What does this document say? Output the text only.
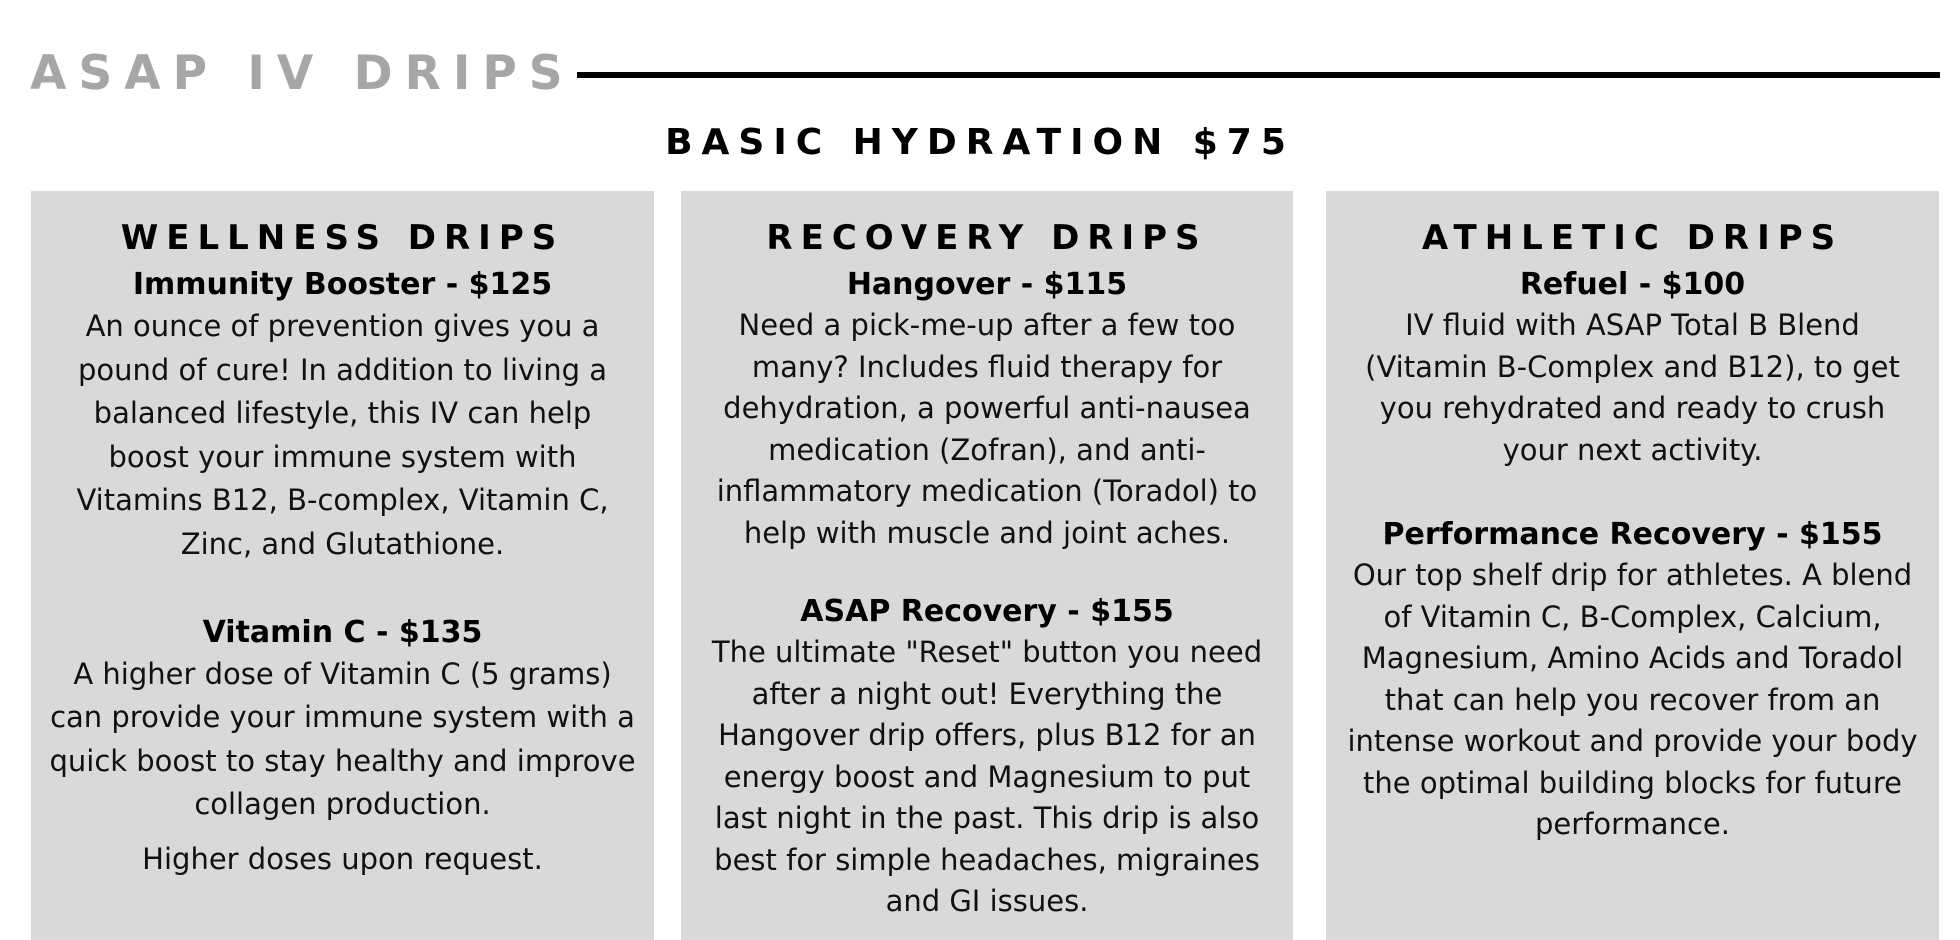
ASAP IV DRIPS
BASIC HYDRATION $75
WELLNESS DRIPS
Immunity Booster - $125
An ounce of prevention gives you a pound of cure! In addition to living a balanced lifestyle, this IV can help boost your immune system with Vitamins B12, B-complex, Vitamin C, Zinc, and Glutathione.
Vitamin C - $135
A higher dose of Vitamin C (5 grams) can provide your immune system with a quick boost to stay healthy and improve collagen production.
Higher doses upon request.
RECOVERY DRIPS
Hangover - $115
Need a pick-me-up after a few too many? Includes fluid therapy for dehydration, a powerful anti-nausea medication (Zofran), and anti-inflammatory medication (Toradol) to help with muscle and joint aches.
ASAP Recovery - $155
The ultimate "Reset" button you need after a night out! Everything the Hangover drip offers, plus B12 for an energy boost and Magnesium to put last night in the past. This drip is also best for simple headaches, migraines and GI issues.
ATHLETIC DRIPS
Refuel - $100
IV fluid with ASAP Total B Blend (Vitamin B-Complex and B12), to get you rehydrated and ready to crush your next activity.
Performance Recovery - $155
Our top shelf drip for athletes. A blend of Vitamin C, B-Complex, Calcium, Magnesium, Amino Acids and Toradol that can help you recover from an intense workout and provide your body the optimal building blocks for future performance.
